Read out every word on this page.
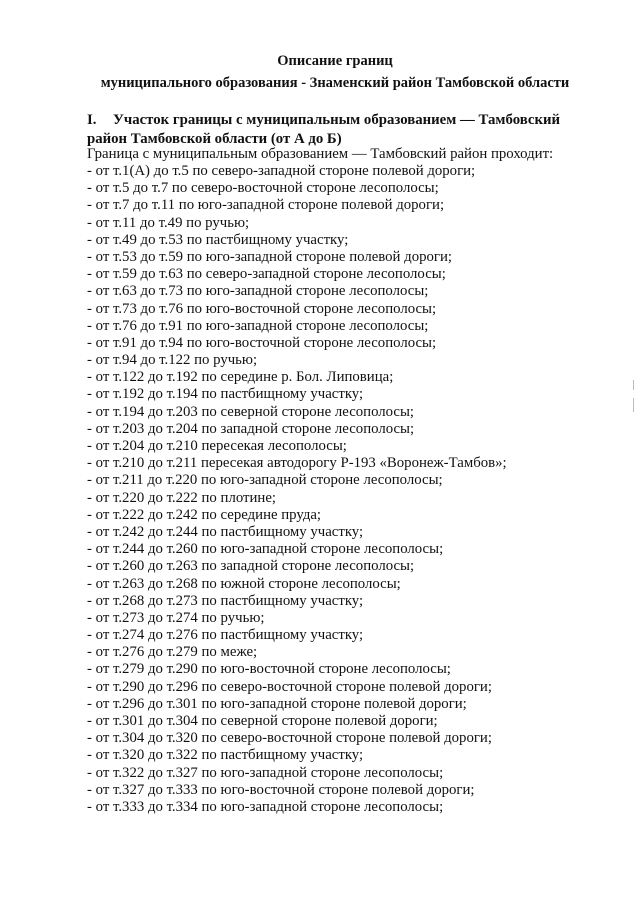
Описание границ
муниципального образования - Знаменский район Тамбовской области
I. Участок границы с муниципальным образованием — Тамбовский район Тамбовской области (от А до Б)
Граница с муниципальным образованием — Тамбовский район проходит:
- от т.1(А) до т.5 по северо-западной стороне полевой дороги;
- от т.5 до т.7 по северо-восточной стороне лесополосы;
- от т.7 до т.11 по юго-западной стороне полевой дороги;
- от т.11 до т.49 по ручью;
- от т.49 до т.53 по пастбищному участку;
- от т.53 до т.59 по юго-западной стороне полевой дороги;
- от т.59 до т.63 по северо-западной стороне лесополосы;
- от т.63 до т.73 по юго-западной стороне лесополосы;
- от т.73 до т.76 по юго-восточной стороне лесополосы;
- от т.76 до т.91 по юго-западной стороне лесополосы;
- от т.91 до т.94 по юго-восточной стороне лесополосы;
- от т.94 до т.122 по ручью;
- от т.122 до т.192 по середине р. Бол. Липовица;
- от т.192 до т.194 по пастбищному участку;
- от т.194 до т.203 по северной стороне лесополосы;
- от т.203 до т.204 по западной стороне лесополосы;
- от т.204 до т.210 пересекая лесополосы;
- от т.210 до т.211 пересекая автодорогу Р-193 «Воронеж-Тамбов»;
- от т.211 до т.220 по юго-западной стороне лесополосы;
- от т.220 до т.222 по плотине;
- от т.222 до т.242 по середине пруда;
- от т.242 до т.244 по пастбищному участку;
- от т.244 до т.260 по юго-западной стороне лесополосы;
- от т.260 до т.263 по западной стороне лесополосы;
- от т.263 до т.268 по южной стороне лесополосы;
- от т.268 до т.273 по пастбищному участку;
- от т.273 до т.274 по ручью;
- от т.274 до т.276 по пастбищному участку;
- от т.276 до т.279 по меже;
- от т.279 до т.290 по юго-восточной стороне лесополосы;
- от т.290 до т.296 по северо-восточной стороне полевой дороги;
- от т.296 до т.301 по юго-западной стороне полевой дороги;
- от т.301 до т.304 по северной стороне полевой дороги;
- от т.304 до т.320 по северо-восточной стороне полевой дороги;
- от т.320 до т.322 по пастбищному участку;
- от т.322 до т.327 по юго-западной стороне лесополосы;
- от т.327 до т.333 по юго-восточной стороне полевой дороги;
- от т.333 до т.334 по юго-западной стороне лесополосы;
